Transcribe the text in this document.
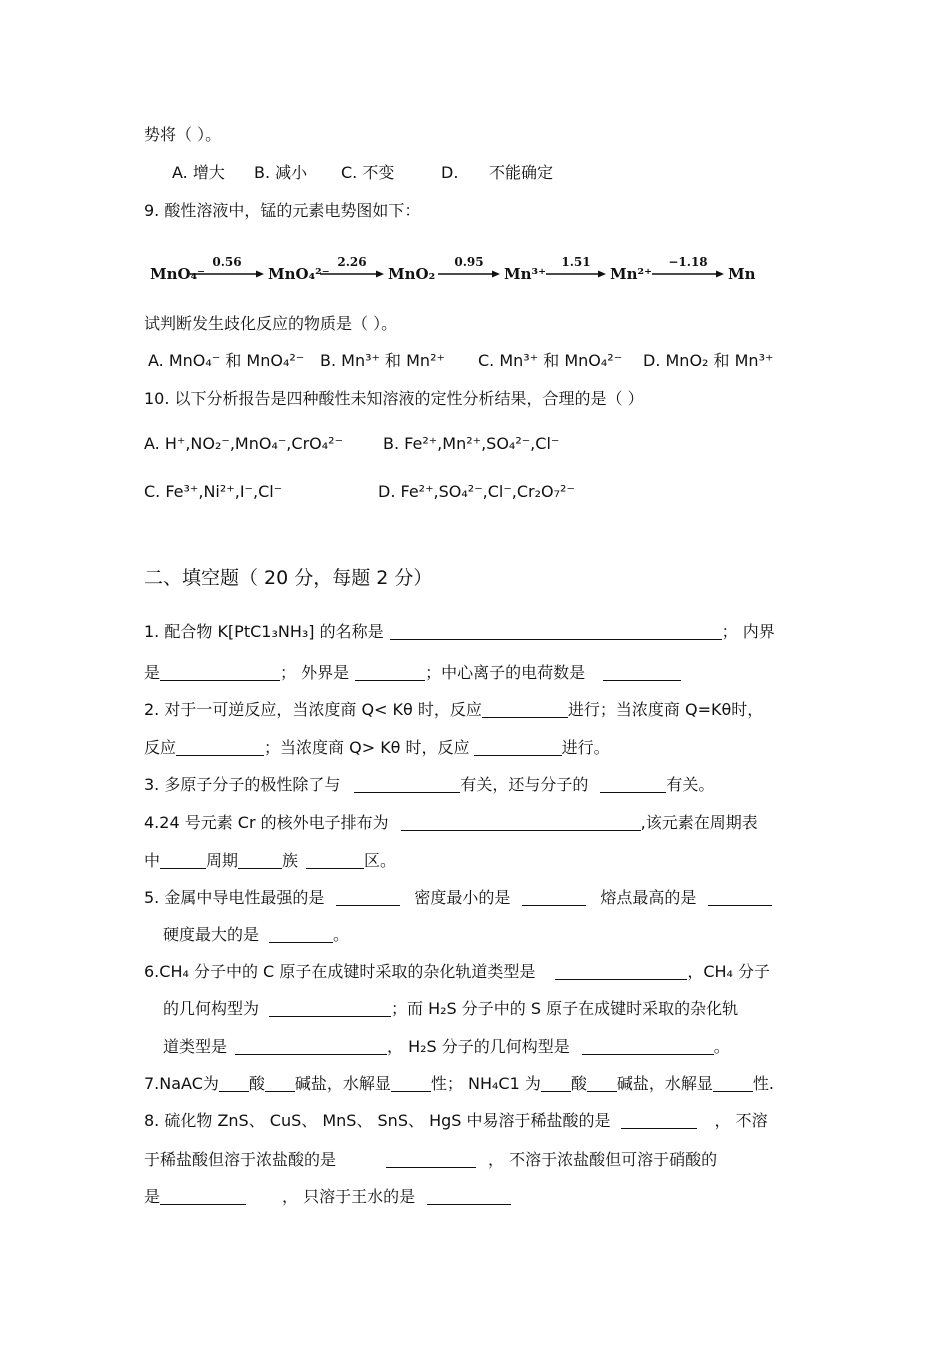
势将（ ）。
A. 增大 B. 减小 C. 不变	D. 不能确定
9. 酸性溶液中，锰的元素电势图如下：
MnO₄⁻	MnO₄²⁻	MnO₂	Mn³⁺	Mn²⁺	Mn
0.56	2.26	0.95	1.51	−1.18
试判断发生歧化反应的物质是（ ）。
A. MnO₄⁻ 和 MnO₄²⁻ B. Mn³⁺ 和 Mn²⁺ C. Mn³⁺ 和 MnO₄²⁻ D. MnO₂ 和 Mn³⁺
10. 以下分析报告是四种酸性未知溶液的定性分析结果，合理的是（ ）
A. H⁺,NO₂⁻,MnO₄⁻,CrO₄²⁻ B. Fe²⁺,Mn²⁺,SO₄²⁻,Cl⁻
C. Fe³⁺,Ni²⁺,I⁻,Cl⁻	D. Fe²⁺,SO₄²⁻,Cl⁻,Cr₂O₇²⁻
二、填空题（ 20 分，每题 2 分）
1. 配合物 K[PtC1₃NH₃] 的名称是	； 内界
是	； 外界是	；中心离子的电荷数是
2. 对于一可逆反应，当浓度商 Q< Kθ 时，反应	进行；当浓度商 Q=Kθ时，
反应	；当浓度商 Q> Kθ 时，反应	进行。
3. 多原子分子的极性除了与	有关，还与分子的	有关。
4.24 号元素 Cr 的核外电子排布为	,该元素在周期表
中	周期	族	区。
5. 金属中导电性最强的是	密度最小的是	熔点最高的是
硬度最大的是	。
6.CH₄ 分子中的 C 原子在成键时采取的杂化轨道类型是	，CH₄ 分子
的几何构型为	；而 H₂S 分子中的 S 原子在成键时采取的杂化轨
道类型是	， H₂S 分子的几何构型是	。
7.NaAC为 酸 碱盐，水解显	性； NH₄C1 为 酸 碱盐，水解显	性.
8. 硫化物 ZnS、 CuS、 MnS、 SnS、 HgS 中易溶于稀盐酸的是	， 不溶
于稀盐酸但溶于浓盐酸的是	， 不溶于浓盐酸但可溶于硝酸的
是	， 只溶于王水的是
